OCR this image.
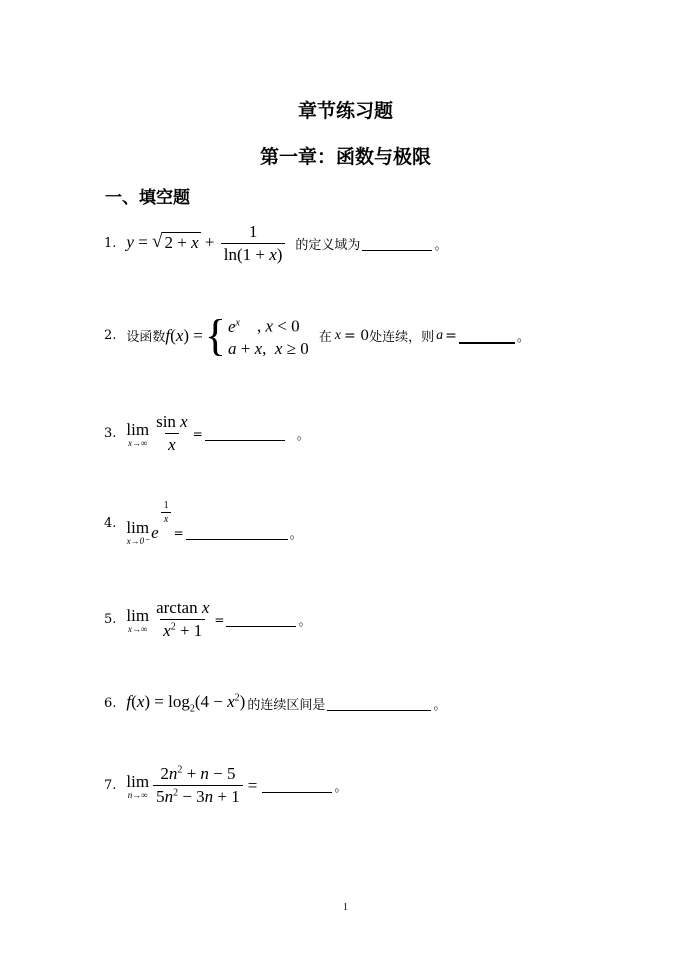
章节练习题
第一章：函数与极限
一、填空题
1. y = √ $2 + x + \frac{1}{\ln(1 + x)}$ 的定义域为	。
2. 设函数 f ( x ) = { $e^x$    , x < 0
a + x,  x ≥ 0
在 x = 0 处连续，则 a =	。
3. lim
$x\to\infty \frac{\text{sin x}}{x}$ =	。
4. lim
x→0⁻ e
$\frac{1}{x}$
=	。
5. lim
$x\to\infty \frac{\text{arctan x}}{x^2 + 1}$ =	。
6. $f(x) = \log_2(4 - x^2)$ 的连续区间是	。
7. lim
$n\to\infty \frac{2n^2 + n - 5}{5n^2 - 3n + 1}$ =	。
1
